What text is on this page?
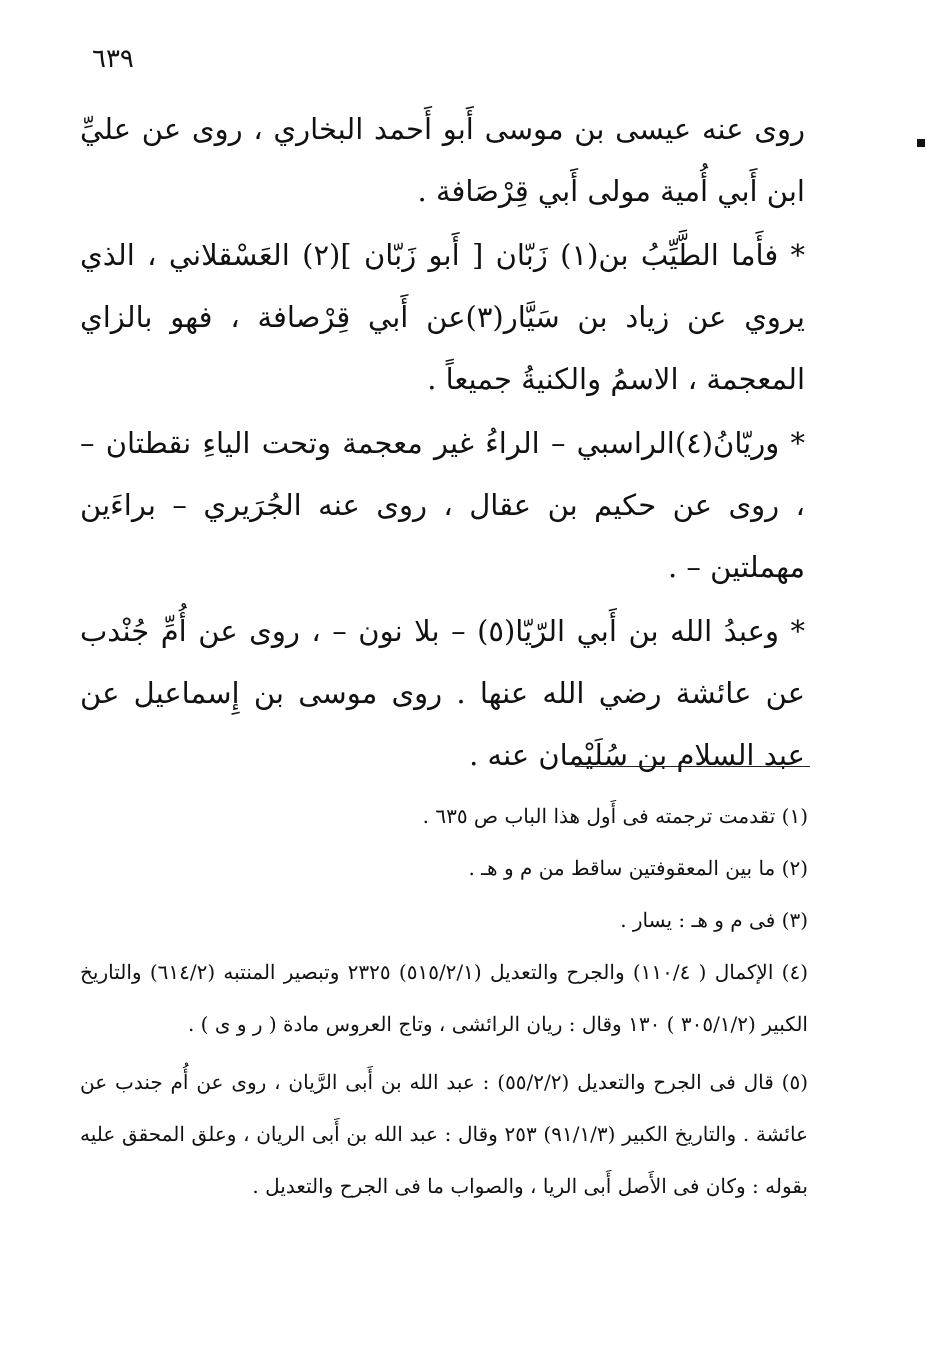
٦٣٩

روى عنه عيسى بن موسى أَبو أَحمد البخاري ، روى عن عليِّ ابن أَبي أُمية مولى أَبي قِرْصَافة .

* فأَما الطَّيِّبُ بن(١) زَبّان [ أَبو زَبّان ](٢) العَسْقلاني ، الذي يروي عن زياد بن سَيَّار(٣)عن أَبي قِرْصافة ، فهو بالزاي المعجمة ، الاسمُ والكنيةُ جميعاً .

* وريّانُ(٤)الراسبي – الراءُ غير معجمة وتحت الياءِ نقطتان – ، روى عن حكيم بن عقال ، روى عنه الجُرَيري – براءَين مهملتين – .

* وعبدُ الله بن أَبي الرّيّا(٥) – بلا نون – ، روى عن أُمِّ جُنْدب عن عائشة رضي الله عنها . روى موسى بن إِسماعيل عن عبد السلام بن سُلَيْمان عنه .

(١) تقدمت ترجمته فى أَول هذا الباب ص ٦٣٥ .

(٢) ما بين المعقوفتين ساقط من م و هـ .

(٣) فى م و هـ : يسار .

(٤) الإكمال ( ١١٠/٤) والجرح والتعديل (٥١٥/٢/١) ٢٣٢٥ وتبصير المنتبه (٦١٤/٢) والتاريخ الكبير (٣٠٥/١/٢ ) ١٣٠ وقال : ريان الرائشى ، وتاج العروس مادة ( ر و ى ) .

(٥) قال فى الجرح والتعديل (٥٥/٢/٢) : عبد الله بن أَبى الرَّيان ، روى عن أُم جندب عن عائشة . والتاريخ الكبير (٩١/١/٣) ٢٥٣ وقال : عبد الله بن أَبى الريان ، وعلق المحقق عليه بقوله : وكان فى الأَصل أَبى الريا ، والصواب ما فى الجرح والتعديل .
